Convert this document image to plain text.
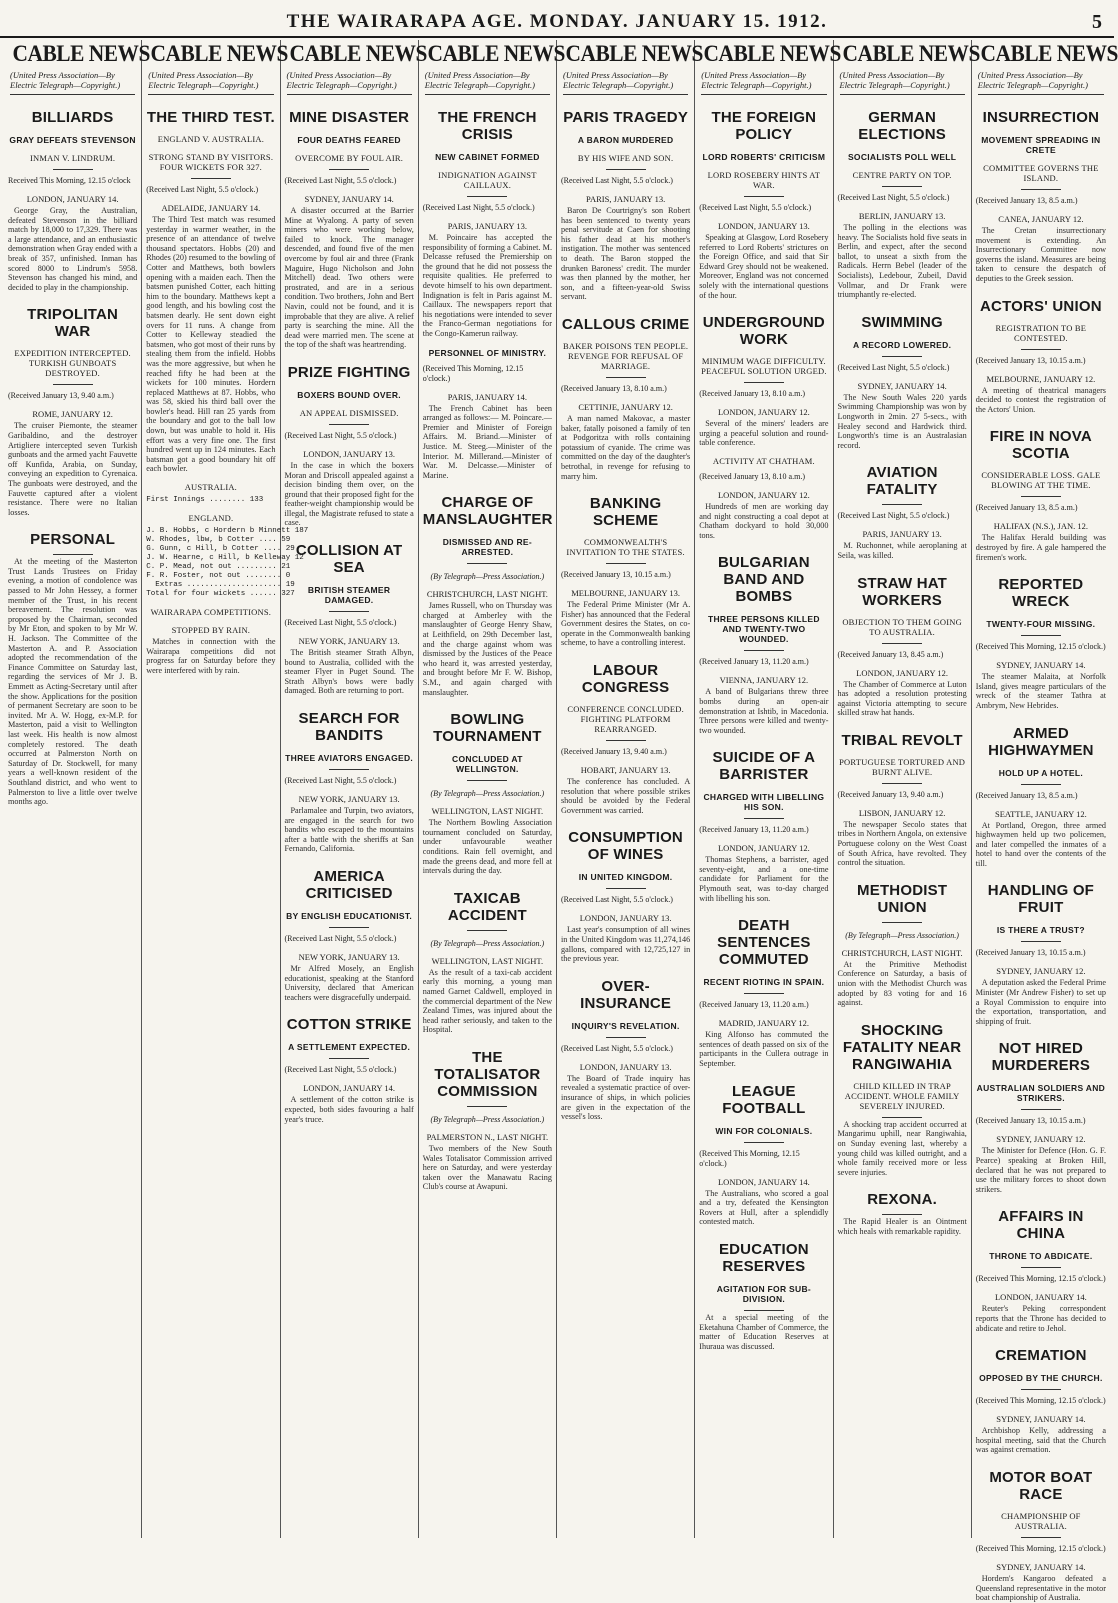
THE WAIRARAPA AGE. MONDAY. JANUARY 15. 1912.	5
CABLE NEWS
(United Press Association—By Electric Telegraph—Copyright.)
BILLIARDS
GRAY DEFEATS STEVENSON
INMAN V. LINDRUM.
Received This Morning, 12.15 o'clock
LONDON, JANUARY 14.
George Gray, the Australian, defeated Stevenson in the billiard match by 18,000 to 17,329. There was a large attendance, and an enthusiastic demonstration when Gray ended with a break of 357, unfinished. Inman has scored 8000 to Lindrum's 5958. Stevenson has changed his mind, and decided to play in the championship.
TRIPOLITAN WAR
EXPEDITION INTERCEPTED. TURKISH GUNBOATS DESTROYED.
(Received January 13, 9.40 a.m.)
ROME, JANUARY 12.
The cruiser Piemonte, the steamer Garibaldino, and the destroyer Artigliere intercepted seven Turkish gunboats and the armed yacht Fauvette off Kunfida, Arabia, on Sunday, conveying an expedition to Cyrenaica. The gunboats were destroyed, and the Fauvette captured after a violent resistance. There were no Italian losses.
PERSONAL
At the meeting of the Masterton Trust Lands Trustees on Friday evening, a motion of condolence was passed to Mr John Hessey, a former member of the Trust, in his recent bereavement. The resolution was proposed by the Chairman, seconded by Mr Eton, and spoken to by Mr W. H. Jackson. The Committee of the Masterton A. and P. Association adopted the recommendation of the Finance Committee on Saturday last, regarding the services of Mr J. B. Emmett as Acting-Secretary until after the show. Applications for the position of permanent Secretary are soon to be invited. Mr A. W. Hogg, ex-M.P. for Masterton, paid a visit to Wellington last week. His health is now almost completely restored. The death occurred at Palmerston North on Saturday of Dr. Stockwell, for many years a well-known resident of the Southland district, and who went to Palmerston to live a little over twelve months ago.
CABLE NEWS
(United Press Association—By Electric Telegraph—Copyright.)
THE THIRD TEST.
ENGLAND V. AUSTRALIA.
STRONG STAND BY VISITORS. FOUR WICKETS FOR 327.
(Received Last Night, 5.5 o'clock.)
ADELAIDE, JANUARY 14.
The Third Test match was resumed yesterday in warmer weather, in the presence of an attendance of twelve thousand spectators. Hobbs (20) and Rhodes (20) resumed to the bowling of Cotter and Matthews, both bowlers opening with a maiden each. Then the batsmen punished Cotter, each hitting him to the boundary. Matthews kept a good length, and his bowling cost the batsmen dearly. He sent down eight overs for 11 runs. A change from Cotter to Kelleway steadied the batsmen, who got most of their runs by stealing them from the infield. Hobbs was the more aggressive, but when he reached fifty he had been at the wickets for 100 minutes. Hordern replaced Matthews at 87. Hobbs, who was 58, skied his third ball over the bowler's head. Hill ran 25 yards from the boundary and got to the ball low down, but was unable to hold it. His effort was a very fine one. The first hundred went up in 124 minutes. Each batsman got a good boundary hit off each bowler.
AUSTRALIA.
First Innings ........ 133
ENGLAND.
J. B. Hobbs, c Hordern b Minnett 187
W. Rhodes, lbw, b Cotter .... 59
G. Gunn, c Hill, b Cotter .... 29
J. W. Hearne, c Hill, b Kelleway 12
C. P. Mead, not out ......... 21
F. R. Foster, not out ........ 0
Extras ..................... 19
Total for four wickets ...... 327
WAIRARAPA COMPETITIONS.
STOPPED BY RAIN.
Matches in connection with the Wairarapa competitions did not progress far on Saturday before they were interfered with by rain.
CABLE NEWS
(United Press Association—By Electric Telegraph—Copyright.)
MINE DISASTER
FOUR DEATHS FEARED
OVERCOME BY FOUL AIR.
(Received Last Night, 5.5 o'clock.)
SYDNEY, JANUARY 14.
A disaster occurred at the Barrier Mine at Wyalong. A party of seven miners who were working below, failed to knock. The manager descended, and found five of the men overcome by foul air and three (Frank Maguire, Hugo Nicholson and John Mitchell) dead. Two others were prostrated, and are in a serious condition. Two brothers, John and Bert Navin, could not be found, and it is improbable that they are alive. A relief party is searching the mine. All the dead were married men. The scene at the top of the shaft was heartrending.
PRIZE FIGHTING
BOXERS BOUND OVER.
AN APPEAL DISMISSED.
(Received Last Night, 5.5 o'clock.)
LONDON, JANUARY 13.
In the case in which the boxers Moran and Driscoll appealed against a decision binding them over, on the ground that their proposed fight for the feather-weight championship would be illegal, the Magistrate refused to state a case.
COLLISION AT SEA
BRITISH STEAMER DAMAGED.
(Received Last Night, 5.5 o'clock.)
NEW YORK, JANUARY 13.
The British steamer Strath Albyn, bound to Australia, collided with the steamer Flyer in Puget Sound. The Strath Albyn's bows were badly damaged. Both are returning to port.
SEARCH FOR BANDITS
THREE AVIATORS ENGAGED.
(Received Last Night, 5.5 o'clock.)
NEW YORK, JANUARY 13.
Parlamalee and Turpin, two aviators, are engaged in the search for two bandits who escaped to the mountains after a battle with the sheriffs at San Fernando, California.
AMERICA CRITICISED
BY ENGLISH EDUCATIONIST.
(Received Last Night, 5.5 o'clock.)
NEW YORK, JANUARY 13.
Mr Alfred Mosely, an English educationist, speaking at the Stanford University, declared that American teachers were disgracefully underpaid.
COTTON STRIKE
A SETTLEMENT EXPECTED.
(Received Last Night, 5.5 o'clock.)
LONDON, JANUARY 14.
A settlement of the cotton strike is expected, both sides favouring a half year's truce.
CABLE NEWS
(United Press Association—By Electric Telegraph—Copyright.)
THE FRENCH CRISIS
NEW CABINET FORMED
INDIGNATION AGAINST CAILLAUX.
(Received Last Night, 5.5 o'clock.)
PARIS, JANUARY 13.
M. Poincaire has accepted the responsibility of forming a Cabinet. M. Delcasse refused the Premiership on the ground that he did not possess the requisite qualities. He preferred to devote himself to his own department. Indignation is felt in Paris against M. Caillaux. The newspapers report that his negotiations were intended to sever the Franco-German negotiations for the Congo-Kamerun railway.
PERSONNEL OF MINISTRY.
(Received This Morning, 12.15 o'clock.)
PARIS, JANUARY 14.
The French Cabinet has been arranged as follows:— M. Poincare.—Premier and Minister of Foreign Affairs. M. Briand.—Minister of Justice. M. Steeg.—Minister of the Interior. M. Millerand.—Minister of War. M. Delcasse.—Minister of Marine.
CHARGE OF MANSLAUGHTER
DISMISSED AND RE-ARRESTED.
(By Telegraph—Press Association.)
CHRISTCHURCH, LAST NIGHT.
James Russell, who on Thursday was charged at Amberley with the manslaughter of George Henry Shaw, at Leithfield, on 29th December last, and the charge against whom was dismissed by the Justices of the Peace who heard it, was arrested yesterday, and brought before Mr F. W. Bishop, S.M., and again charged with manslaughter.
BOWLING TOURNAMENT
CONCLUDED AT WELLINGTON.
(By Telegraph—Press Association.)
WELLINGTON, LAST NIGHT.
The Northern Bowling Association tournament concluded on Saturday, under unfavourable weather conditions. Rain fell overnight, and made the greens dead, and more fell at intervals during the day.
TAXICAB ACCIDENT
(By Telegraph—Press Association.)
WELLINGTON, LAST NIGHT.
As the result of a taxi-cab accident early this morning, a young man named Garnet Caldwell, employed in the commercial department of the New Zealand Times, was injured about the head rather seriously, and taken to the Hospital.
THE TOTALISATOR COMMISSION
(By Telegraph—Press Association.)
PALMERSTON N., LAST NIGHT.
Two members of the New South Wales Totalisator Commission arrived here on Saturday, and were yesterday taken over the Manawatu Racing Club's course at Awapuni.
CABLE NEWS
(United Press Association—By Electric Telegraph—Copyright.)
PARIS TRAGEDY
A BARON MURDERED
BY HIS WIFE AND SON.
(Received Last Night, 5.5 o'clock.)
PARIS, JANUARY 13.
Baron De Courtrigny's son Robert has been sentenced to twenty years penal servitude at Caen for shooting his father dead at his mother's instigation. The mother was sentenced to death. The Baron stopped the drunken Baroness' credit. The murder was then planned by the mother, her son, and a fifteen-year-old Swiss servant.
CALLOUS CRIME
BAKER POISONS TEN PEOPLE. REVENGE FOR REFUSAL OF MARRIAGE.
(Received January 13, 8.10 a.m.)
CETTINJE, JANUARY 12.
A man named Makovac, a master baker, fatally poisoned a family of ten at Podgoritza with rolls containing potassium of cyanide. The crime was committed on the day of the daughter's betrothal, in revenge for refusing to marry him.
BANKING SCHEME
COMMONWEALTH'S INVITATION TO THE STATES.
(Received January 13, 10.15 a.m.)
MELBOURNE, JANUARY 13.
The Federal Prime Minister (Mr A. Fisher) has announced that the Federal Government desires the States, on co-operate in the Commonwealth banking scheme, to have a controlling interest.
LABOUR CONGRESS
CONFERENCE CONCLUDED. FIGHTING PLATFORM REARRANGED.
(Received January 13, 9.40 a.m.)
HOBART, JANUARY 13.
The conference has concluded. A resolution that where possible strikes should be avoided by the Federal Government was carried.
CONSUMPTION OF WINES
IN UNITED KINGDOM.
(Received Last Night, 5.5 o'clock.)
LONDON, JANUARY 13.
Last year's consumption of all wines in the United Kingdom was 11,274,146 gallons, compared with 12,725,127 in the previous year.
OVER-INSURANCE
INQUIRY'S REVELATION.
(Received Last Night, 5.5 o'clock.)
LONDON, JANUARY 13.
The Board of Trade inquiry has revealed a systematic practice of over-insurance of ships, in which policies are given in the expectation of the vessel's loss.
CABLE NEWS
(United Press Association—By Electric Telegraph—Copyright.)
THE FOREIGN POLICY
LORD ROBERTS' CRITICISM
LORD ROSEBERY HINTS AT WAR.
(Received Last Night, 5.5 o'clock.)
LONDON, JANUARY 13.
Speaking at Glasgow, Lord Rosebery referred to Lord Roberts' strictures on the Foreign Office, and said that Sir Edward Grey should not be weakened. Moreover, England was not concerned solely with the international questions of the hour.
UNDERGROUND WORK
MINIMUM WAGE DIFFICULTY. PEACEFUL SOLUTION URGED.
(Received January 13, 8.10 a.m.)
LONDON, JANUARY 12.
Several of the miners' leaders are urging a peaceful solution and round-table conference.
ACTIVITY AT CHATHAM.
(Received January 13, 8.10 a.m.)
LONDON, JANUARY 12.
Hundreds of men are working day and night constructing a coal depot at Chatham dockyard to hold 30,000 tons.
BULGARIAN BAND AND BOMBS
THREE PERSONS KILLED AND TWENTY-TWO WOUNDED.
(Received January 13, 11.20 a.m.)
VIENNA, JANUARY 12.
A band of Bulgarians threw three bombs during an open-air demonstration at Ishtib, in Macedonia. Three persons were killed and twenty-two wounded.
SUICIDE OF A BARRISTER
CHARGED WITH LIBELLING HIS SON.
(Received January 13, 11.20 a.m.)
LONDON, JANUARY 12.
Thomas Stephens, a barrister, aged seventy-eight, and a one-time candidate for Parliament for the Plymouth seat, was to-day charged with libelling his son.
DEATH SENTENCES COMMUTED
RECENT RIOTING IN SPAIN.
(Received January 13, 11.20 a.m.)
MADRID, JANUARY 12.
King Alfonso has commuted the sentences of death passed on six of the participants in the Cullera outrage in September.
LEAGUE FOOTBALL
WIN FOR COLONIALS.
(Received This Morning, 12.15 o'clock.)
LONDON, JANUARY 14.
The Australians, who scored a goal and a try, defeated the Kensington Rovers at Hull, after a splendidly contested match.
EDUCATION RESERVES
AGITATION FOR SUB-DIVISION.
At a special meeting of the Eketahuna Chamber of Commerce, the matter of Education Reserves at Ihuraua was discussed.
CABLE NEWS
(United Press Association—By Electric Telegraph—Copyright.)
GERMAN ELECTIONS
SOCIALISTS POLL WELL
CENTRE PARTY ON TOP.
(Received Last Night, 5.5 o'clock.)
BERLIN, JANUARY 13.
The polling in the elections was heavy. The Socialists hold five seats in Berlin, and expect, after the second ballot, to unseat a sixth from the Radicals. Herrn Bebel (leader of the Socialists), Ledebour, Zubeil, David Vollmar, and Dr Frank were triumphantly re-elected.
SWIMMING
A RECORD LOWERED.
(Received Last Night, 5.5 o'clock.)
SYDNEY, JANUARY 14.
The New South Wales 220 yards Swimming Championship was won by Longworth in 2min. 27 5-secs., with Healey second and Hardwick third. Longworth's time is an Australasian record.
AVIATION FATALITY
(Received Last Night, 5.5 o'clock.)
PARIS, JANUARY 13.
M. Ruchonnet, while aeroplaning at Seila, was killed.
STRAW HAT WORKERS
OBJECTION TO THEM GOING TO AUSTRALIA.
(Received January 13, 8.45 a.m.)
LONDON, JANUARY 12.
The Chamber of Commerce at Luton has adopted a resolution protesting against Victoria attempting to secure skilled straw hat hands.
TRIBAL REVOLT
PORTUGUESE TORTURED AND BURNT ALIVE.
(Received January 13, 9.40 a.m.)
LISBON, JANUARY 12.
The newspaper Secolo states that tribes in Northern Angola, on extensive Portuguese colony on the West Coast of South Africa, have revolted. They control the situation.
METHODIST UNION
(By Telegraph—Press Association.)
CHRISTCHURCH, LAST NIGHT.
At the Primitive Methodist Conference on Saturday, a basis of union with the Methodist Church was adopted by 83 voting for and 16 against.
SHOCKING FATALITY NEAR RANGIWAHIA
CHILD KILLED IN TRAP ACCIDENT. WHOLE FAMILY SEVERELY INJURED.
A shocking trap accident occurred at Mangarimu uphill, near Rangiwahia, on Sunday evening last, whereby a young child was killed outright, and a whole family received more or less severe injuries.
REXONA.
The Rapid Healer is an Ointment which heals with remarkable rapidity.
CABLE NEWS
(United Press Association—By Electric Telegraph—Copyright.)
INSURRECTION
MOVEMENT SPREADING IN CRETE
COMMITTEE GOVERNS THE ISLAND.
(Received January 13, 8.5 a.m.)
CANEA, JANUARY 12.
The Cretan insurrectionary movement is extending. An Insurrectionary Committee now governs the island. Measures are being taken to censure the despatch of deputies to the Greek session.
ACTORS' UNION
REGISTRATION TO BE CONTESTED.
(Received January 13, 10.15 a.m.)
MELBOURNE, JANUARY 12.
A meeting of theatrical managers decided to contest the registration of the Actors' Union.
FIRE IN NOVA SCOTIA
CONSIDERABLE LOSS. GALE BLOWING AT THE TIME.
(Received January 13, 8.5 a.m.)
HALIFAX (N.S.), JAN. 12.
The Halifax Herald building was destroyed by fire. A gale hampered the firemen's work.
REPORTED WRECK
TWENTY-FOUR MISSING.
(Received This Morning, 12.15 o'clock.)
SYDNEY, JANUARY 14.
The steamer Malaita, at Norfolk Island, gives meagre particulars of the wreck of the steamer Tathra at Ambrym, New Hebrides.
ARMED HIGHWAYMEN
HOLD UP A HOTEL.
(Received January 13, 8.5 a.m.)
SEATTLE, JANUARY 12.
At Portland, Oregon, three armed highwaymen held up two policemen, and later compelled the inmates of a hotel to hand over the contents of the till.
HANDLING OF FRUIT
IS THERE A TRUST?
(Received January 13, 10.15 a.m.)
SYDNEY, JANUARY 12.
A deputation asked the Federal Prime Minister (Mr Andrew Fisher) to set up a Royal Commission to enquire into the exportation, transportation, and shipping of fruit.
NOT HIRED MURDERERS
AUSTRALIAN SOLDIERS AND STRIKERS.
(Received January 13, 10.15 a.m.)
SYDNEY, JANUARY 12.
The Minister for Defence (Hon. G. F. Pearce) speaking at Broken Hill, declared that he was not prepared to use the military forces to shoot down strikers.
AFFAIRS IN CHINA
THRONE TO ABDICATE.
(Received This Morning, 12.15 o'clock.)
LONDON, JANUARY 14.
Reuter's Peking correspondent reports that the Throne has decided to abdicate and retire to Jehol.
CREMATION
OPPOSED BY THE CHURCH.
(Received This Morning, 12.15 o'clock.)
SYDNEY, JANUARY 14.
Archbishop Kelly, addressing a hospital meeting, said that the Church was against cremation.
MOTOR BOAT RACE
CHAMPIONSHIP OF AUSTRALIA.
(Received This Morning, 12.15 o'clock.)
SYDNEY, JANUARY 14.
Hordern's Kangaroo defeated a Queensland representative in the motor boat championship of Australia.
